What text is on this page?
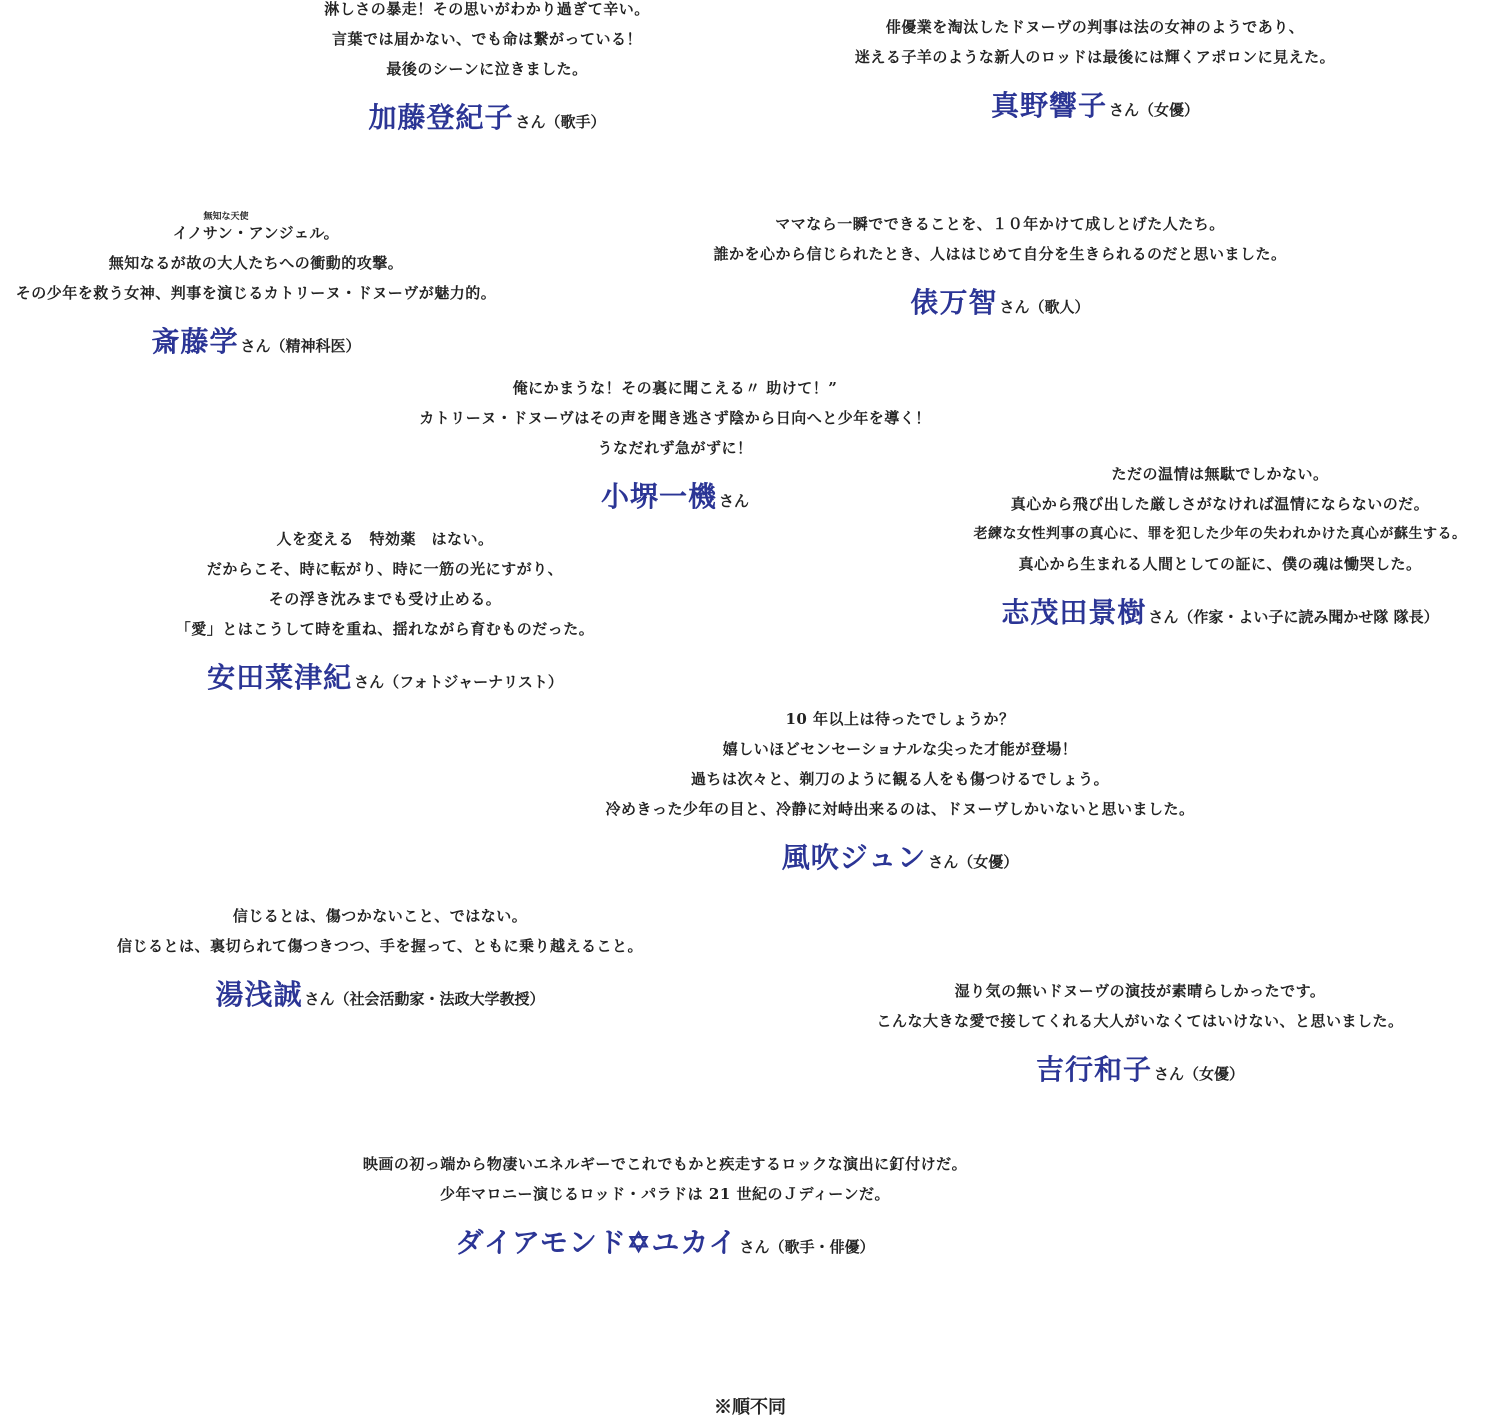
淋しさの暴走！その思いがわかり過ぎて辛い。
言葉では届かない、でも命は繋がっている！
最後のシーンに泣きました。
加藤登紀子 さん（歌手）
俳優業を淘汰したドヌーヴの判事は法の女神のようであり、
迷える子羊のような新人のロッドは最後には輝くアポロンに見えた。
真野響子 さん（女優）
無知な天使
イノサン・アンジェル。
無知なるが故の大人たちへの衝動的攻撃。
その少年を救う女神、判事を演じるカトリーヌ・ドヌーヴが魅力的。
斎藤学 さん（精神科医）
ママなら一瞬でできることを、１０年かけて成しとげた人たち。
誰かを心から信じられたとき、人ははじめて自分を生きられるのだと思いました。
俵万智 さん（歌人）
俺にかまうな！その裏に聞こえる〃 助けて！”
カトリーヌ・ドヌーヴはその声を聞き逃さず陰から日向へと少年を導く！
うなだれず急がずに！
小堺一機 さん
ただの温情は無駄でしかない。
真心から飛び出した厳しさがなければ温情にならないのだ。
老練な女性判事の真心に、罪を犯した少年の失われかけた真心が蘇生する。
真心から生まれる人間としての証に、僕の魂は慟哭した。
志茂田景樹 さん（作家・よい子に読み聞かせ隊 隊長）
人を変える　特効薬　はない。
だからこそ、時に転がり、時に一筋の光にすがり、
その浮き沈みまでも受け止める。
「愛」とはこうして時を重ね、揺れながら育むものだった。
安田菜津紀 さん（フォトジャーナリスト）
10 年以上は待ったでしょうか？
嬉しいほどセンセーショナルな尖った才能が登場！
過ちは次々と、剃刀のように観る人をも傷つけるでしょう。
冷めきった少年の目と、冷静に対峙出来るのは、ドヌーヴしかいないと思いました。
風吹ジュン さん（女優）
信じるとは、傷つかないこと、ではない。
信じるとは、裏切られて傷つきつつ、手を握って、ともに乗り越えること。
湯浅誠 さん（社会活動家・法政大学教授）	湿り気の無いドヌーヴの演技が素晴らしかったです。
こんな大きな愛で接してくれる大人がいなくてはいけない、と思いました。
吉行和子 さん（女優）
映画の初っ端から物凄いエネルギーでこれでもかと疾走するロックな演出に釘付けだ。
少年マロニー演じるロッド・パラドは 21 世紀のＪディーンだ。
ダイアモンド✡ユカイ さん（歌手・俳優）
※順不同
